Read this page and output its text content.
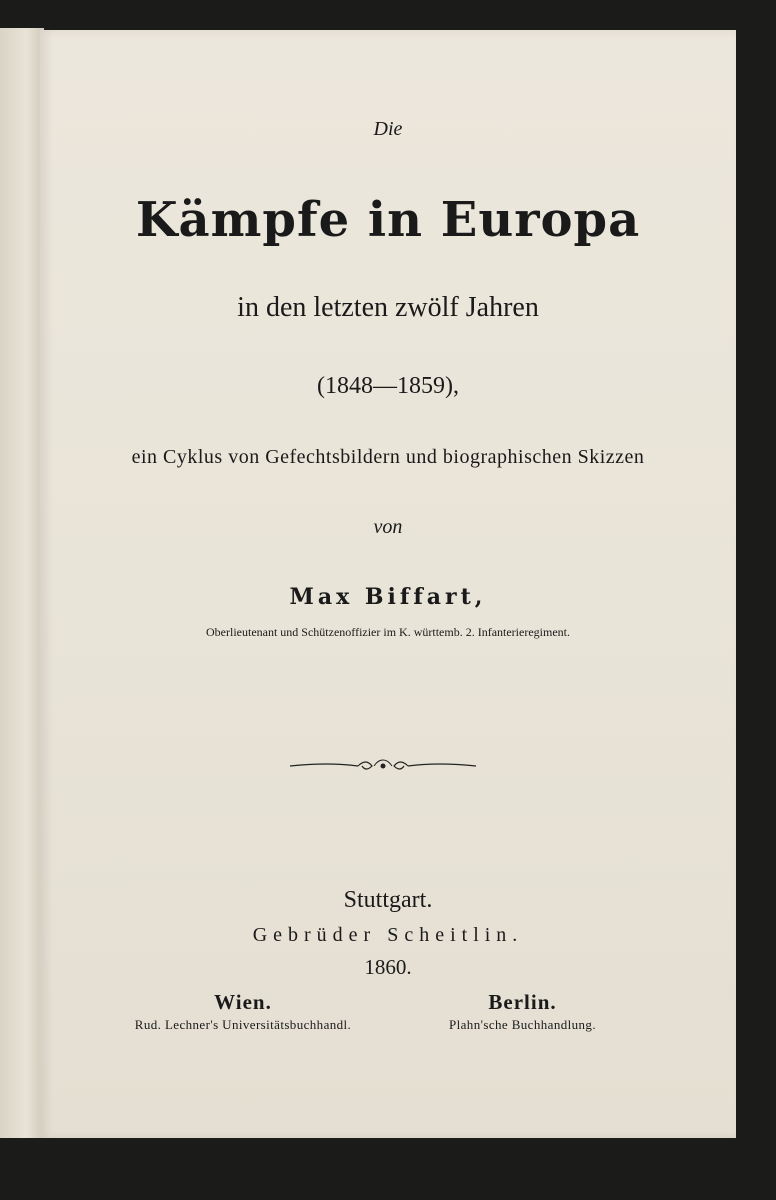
Die
Kämpfe in Europa
in den letzten zwölf Jahren
(1848—1859),
ein Cyklus von Gefechtsbildern und biographischen Skizzen
von
Max Biffart,
Oberlieutenant und Schützenoffizier im K. württemb. 2. Infanterieregiment.
Stuttgart.
Gebrüder Scheitlin.
1860.
Wien.
Rud. Lechner's Universitätsbuchhandl.
Berlin.
Plahn'sche Buchhandlung.
